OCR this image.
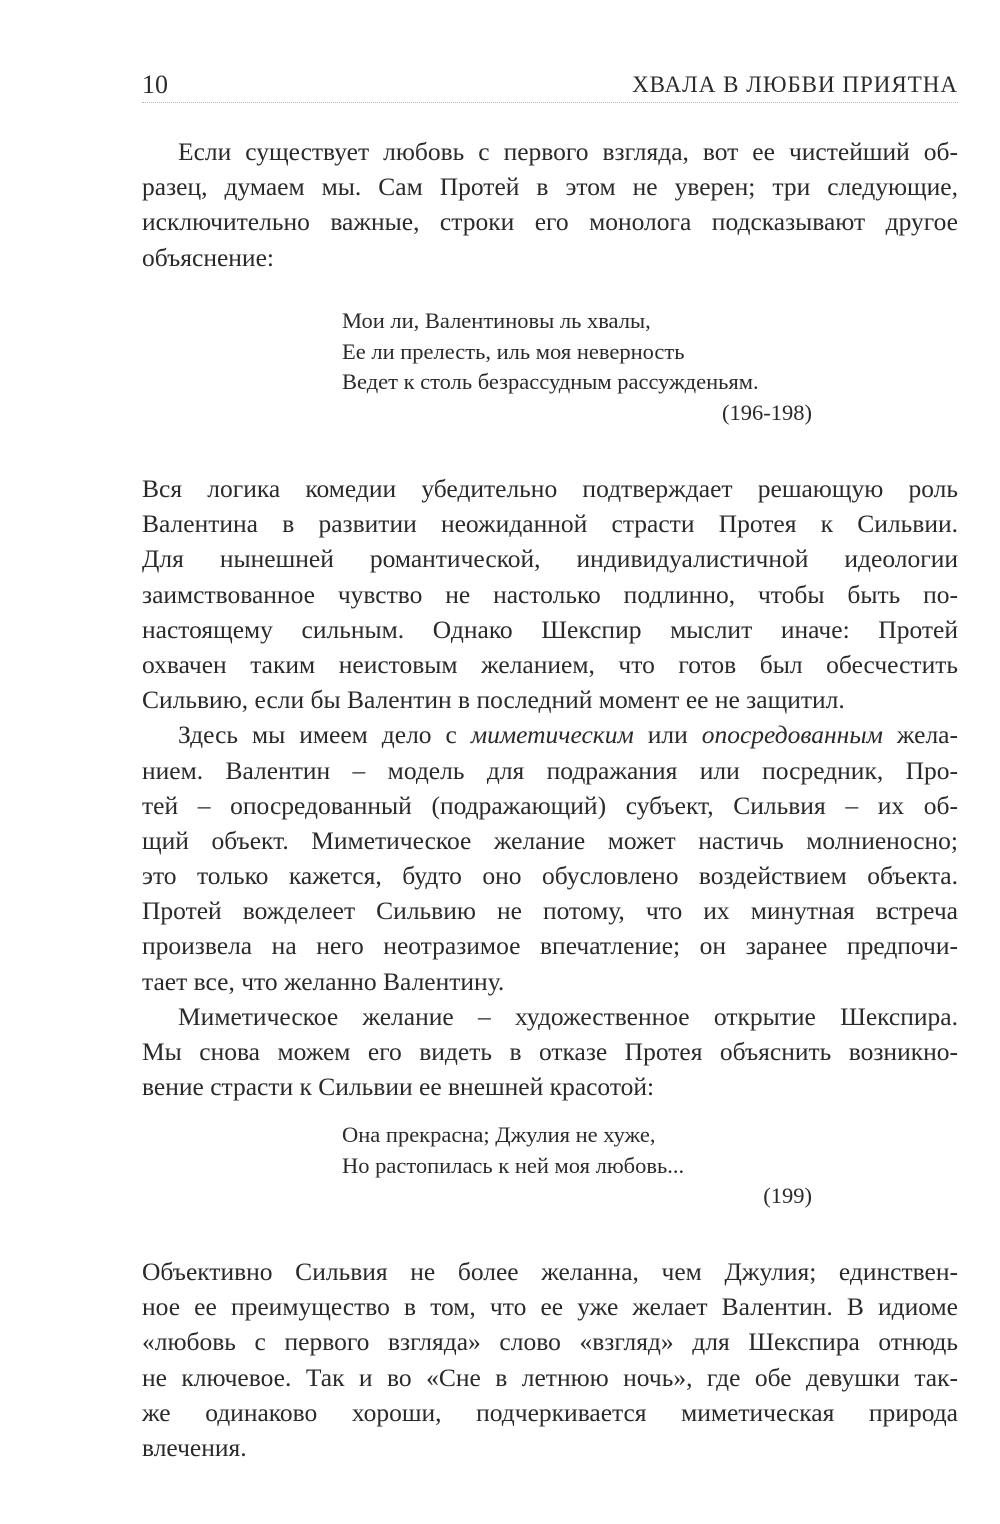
10	ХВАЛА В ЛЮБВИ ПРИЯТНА
Если существует любовь с первого взгляда, вот ее чистейший об-
разец, думаем мы. Сам Протей в этом не уверен; три следующие,
исключительно важные, строки его монолога подсказывают другое
объяснение:
Мои ли, Валентиновы ль хвалы,
Ее ли прелесть, иль моя неверность
Ведет к столь безрассудным рассужденьям.
(196-198)
Вся логика комедии убедительно подтверждает решающую роль
Валентина в развитии неожиданной страсти Протея к Сильвии.
Для нынешней романтической, индивидуалистичной идеологии
заимствованное чувство не настолько подлинно, чтобы быть по-
настоящему сильным. Однако Шекспир мыслит иначе: Протей
охвачен таким неистовым желанием, что готов был обесчестить
Сильвию, если бы Валентин в последний момент ее не защитил.
Здесь мы имеем дело с миметическим или опосредованным жела-
нием. Валентин – модель для подражания или посредник, Про-
тей – опосредованный (подражающий) субъект, Сильвия – их об-
щий объект. Миметическое желание может настичь молниеносно;
это только кажется, будто оно обусловлено воздействием объекта.
Протей вожделеет Сильвию не потому, что их минутная встреча
произвела на него неотразимое впечатление; он заранее предпочи-
тает все, что желанно Валентину.
Миметическое желание – художественное открытие Шекспира.
Мы снова можем его видеть в отказе Протея объяснить возникно-
вение страсти к Сильвии ее внешней красотой:
Она прекрасна; Джулия не хуже,
Но растопилась к ней моя любовь...
(199)
Объективно Сильвия не более желанна, чем Джулия; единствен-
ное ее преимущество в том, что ее уже желает Валентин. В идиоме
«любовь с первого взгляда» слово «взгляд» для Шекспира отнюдь
не ключевое. Так и во «Сне в летнюю ночь», где обе девушки так-
же одинаково хороши, подчеркивается миметическая природа
влечения.
